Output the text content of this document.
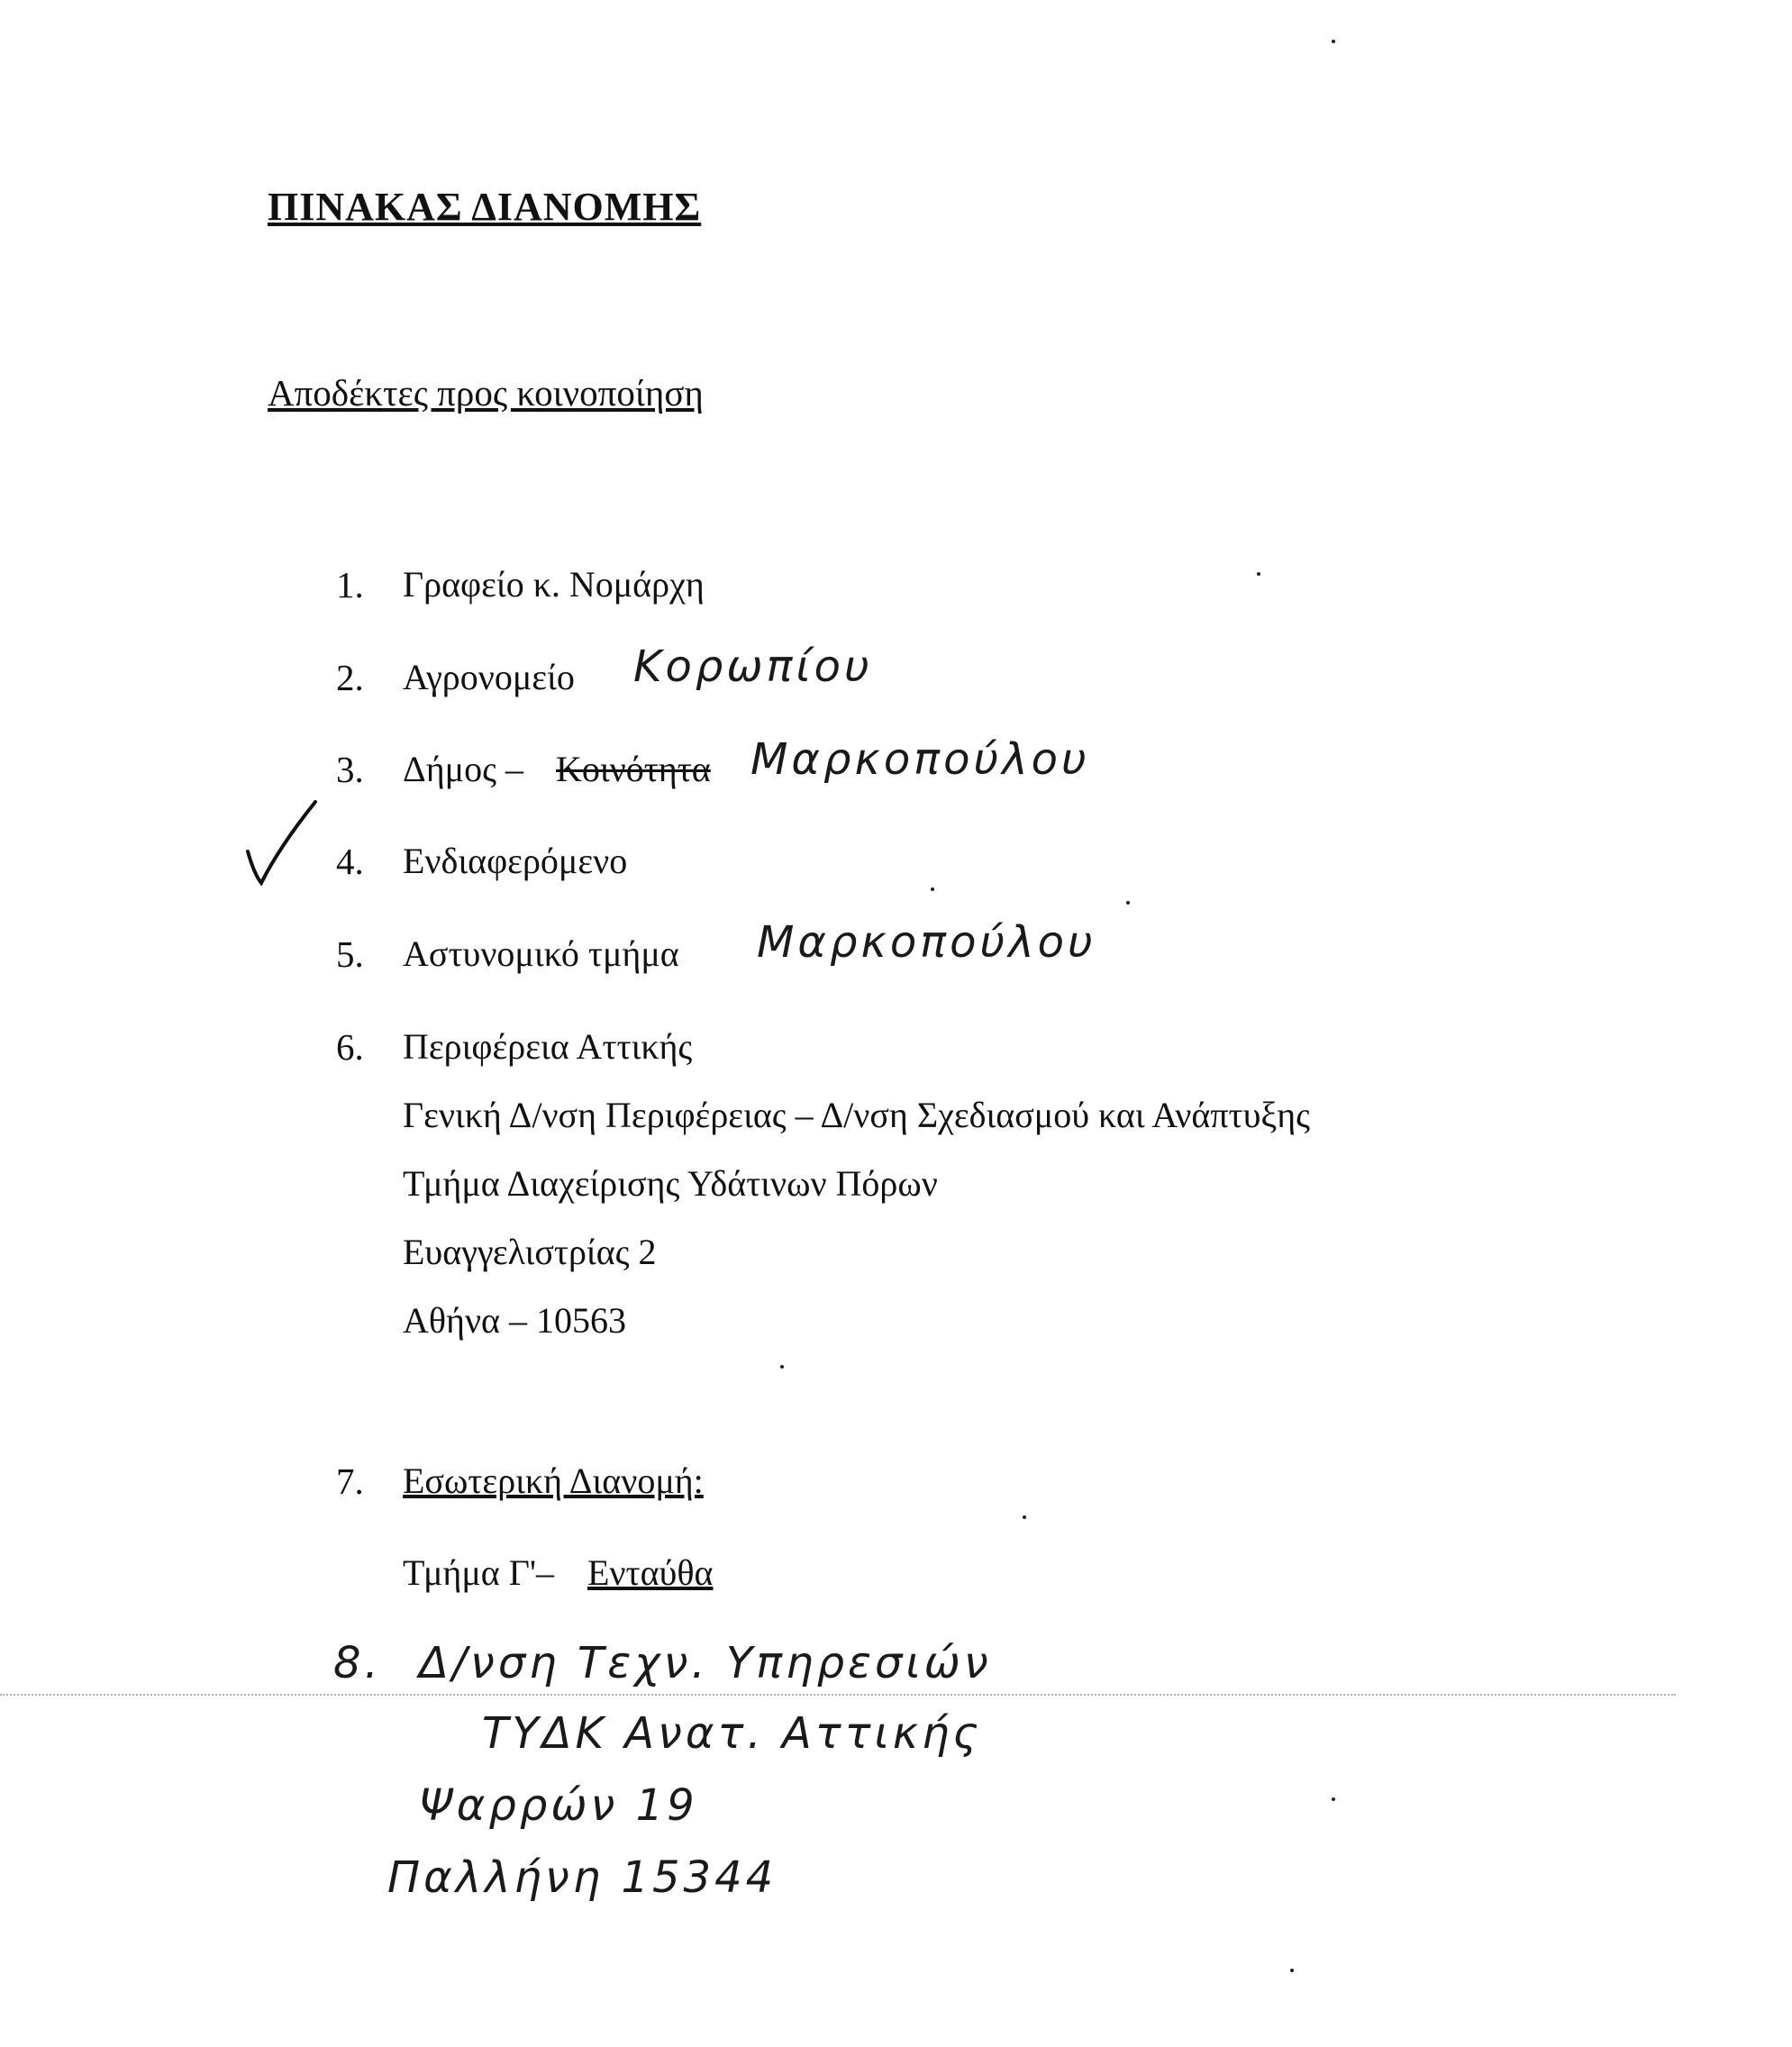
ΠΙΝΑΚΑΣ ΔΙΑΝΟΜΗΣ
Αποδέκτες προς κοινοποίηση
1. Γραφείο κ. Νομάρχη
2. Αγρονομείο Κορωπίου
3. Δήμος – Κοινότητα Μαρκοπούλου
4. Ενδιαφερόμενο
5. Αστυνομικό τμήμα Μαρκοπούλου
6. Περιφέρεια Αττικής
Γενική Δ/νση Περιφέρειας – Δ/νση Σχεδιασμού και Ανάπτυξης
Τμήμα Διαχείρισης Υδάτινων Πόρων
Ευαγγελιστρίας 2
Αθήνα – 10563
7. Εσωτερική Διανομή:
Τμήμα Γ'– Ενταύθα
8. Δ/νση Τεχν. Υπηρεσιών
ΤΥΔΚ Ανατ. Αττικής
Ψαρρών 19
Παλλήνη 15344
